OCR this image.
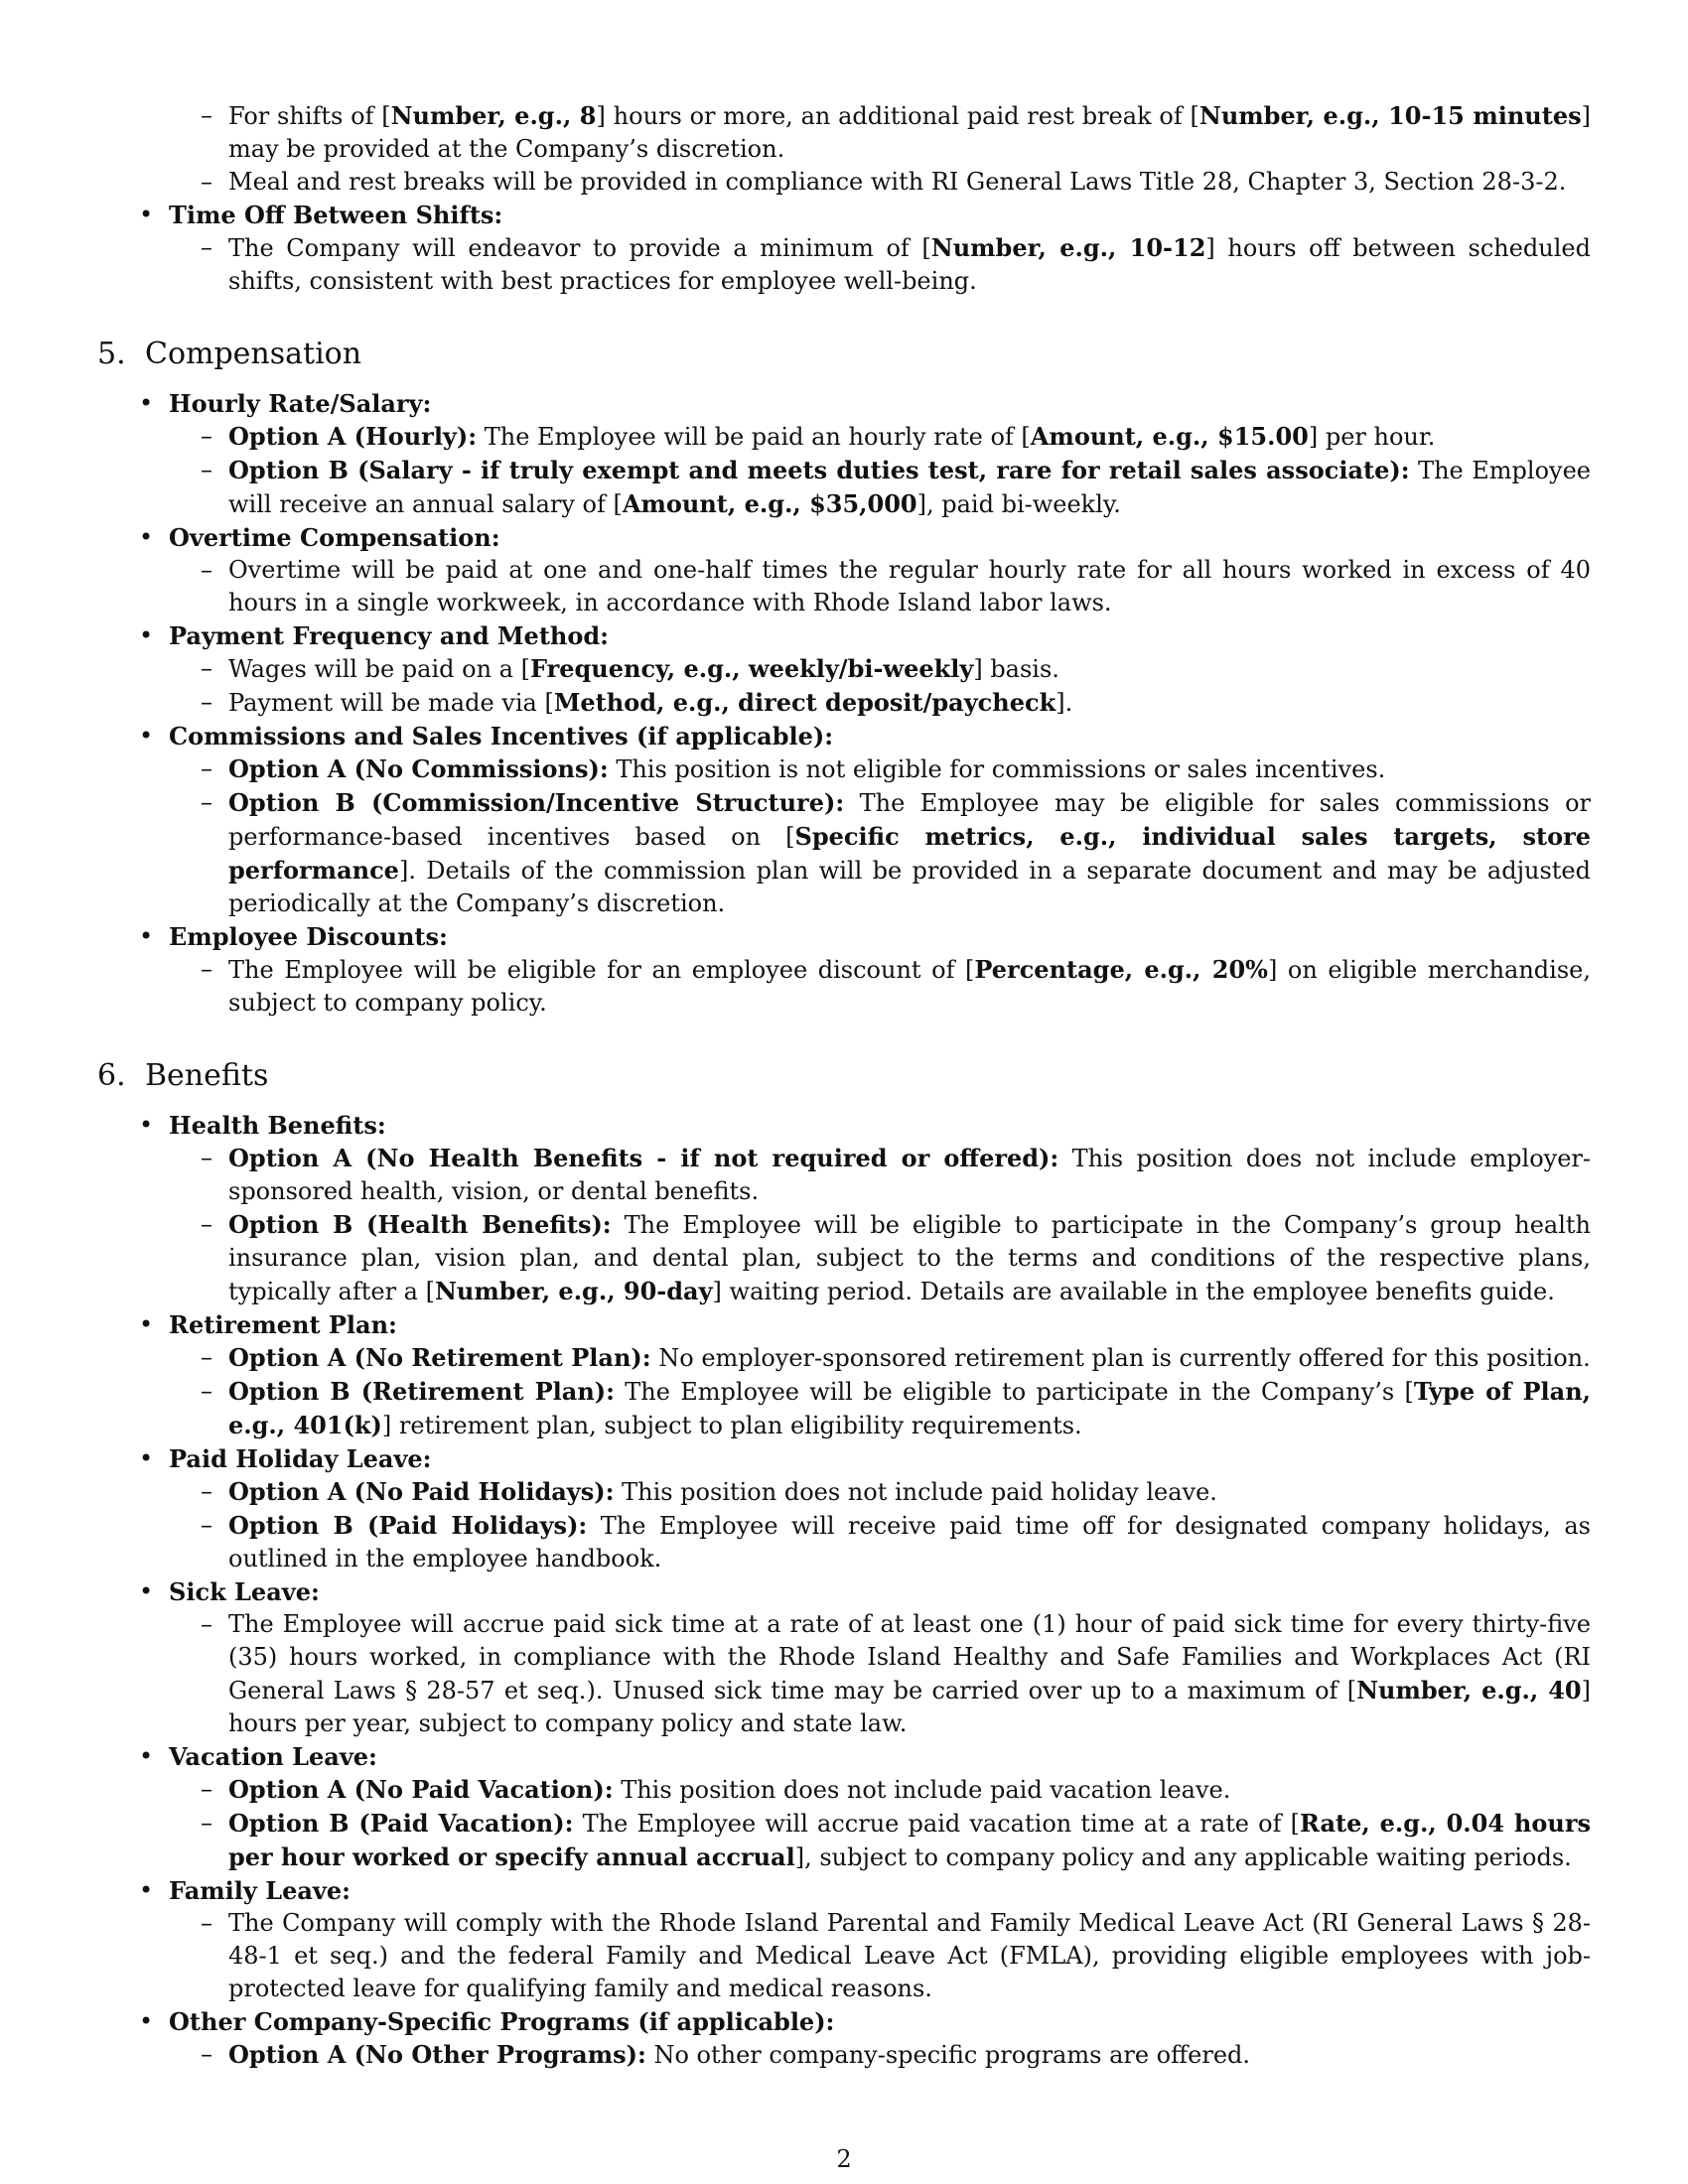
– For shifts of [Number, e.g., 8] hours or more, an additional paid rest break of [Number, e.g., 10-15 minutes] may be provided at the Company’s discretion.
– Meal and rest breaks will be provided in compliance with RI General Laws Title 28, Chapter 3, Section 28-3-2.
• Time Off Between Shifts:
– The Company will endeavor to provide a minimum of [Number, e.g., 10-12] hours off between scheduled shifts, consistent with best practices for employee well-being.
5. Compensation
• Hourly Rate/Salary:
– Option A (Hourly): The Employee will be paid an hourly rate of [Amount, e.g., $15.00] per hour.
– Option B (Salary - if truly exempt and meets duties test, rare for retail sales associate): The Employee will receive an annual salary of [Amount, e.g., $35,000], paid bi-weekly.
• Overtime Compensation:
– Overtime will be paid at one and one-half times the regular hourly rate for all hours worked in excess of 40 hours in a single workweek, in accordance with Rhode Island labor laws.
• Payment Frequency and Method:
– Wages will be paid on a [Frequency, e.g., weekly/bi-weekly] basis.
– Payment will be made via [Method, e.g., direct deposit/paycheck].
• Commissions and Sales Incentives (if applicable):
– Option A (No Commissions): This position is not eligible for commissions or sales incentives.
– Option B (Commission/Incentive Structure): The Employee may be eligible for sales commissions or performance-based incentives based on [Specific metrics, e.g., individual sales targets, store performance]. Details of the commission plan will be provided in a separate document and may be adjusted periodically at the Company’s discretion.
• Employee Discounts:
– The Employee will be eligible for an employee discount of [Percentage, e.g., 20%] on eligible merchandise, subject to company policy.
6. Benefits
• Health Benefits:
– Option A (No Health Benefits - if not required or offered): This position does not include employer-sponsored health, vision, or dental benefits.
– Option B (Health Benefits): The Employee will be eligible to participate in the Company’s group health insurance plan, vision plan, and dental plan, subject to the terms and conditions of the respective plans, typically after a [Number, e.g., 90-day] waiting period. Details are available in the employee benefits guide.
• Retirement Plan:
– Option A (No Retirement Plan): No employer-sponsored retirement plan is currently offered for this position.
– Option B (Retirement Plan): The Employee will be eligible to participate in the Company’s [Type of Plan, e.g., 401(k)] retirement plan, subject to plan eligibility requirements.
• Paid Holiday Leave:
– Option A (No Paid Holidays): This position does not include paid holiday leave.
– Option B (Paid Holidays): The Employee will receive paid time off for designated company holidays, as outlined in the employee handbook.
• Sick Leave:
– The Employee will accrue paid sick time at a rate of at least one (1) hour of paid sick time for every thirty-five (35) hours worked, in compliance with the Rhode Island Healthy and Safe Families and Workplaces Act (RI General Laws § 28-57 et seq.). Unused sick time may be carried over up to a maximum of [Number, e.g., 40] hours per year, subject to company policy and state law.
• Vacation Leave:
– Option A (No Paid Vacation): This position does not include paid vacation leave.
– Option B (Paid Vacation): The Employee will accrue paid vacation time at a rate of [Rate, e.g., 0.04 hours per hour worked or specify annual accrual], subject to company policy and any applicable waiting periods.
• Family Leave:
– The Company will comply with the Rhode Island Parental and Family Medical Leave Act (RI General Laws § 28-48-1 et seq.) and the federal Family and Medical Leave Act (FMLA), providing eligible employees with job-protected leave for qualifying family and medical reasons.
• Other Company-Specific Programs (if applicable):
– Option A (No Other Programs): No other company-specific programs are offered.
2
